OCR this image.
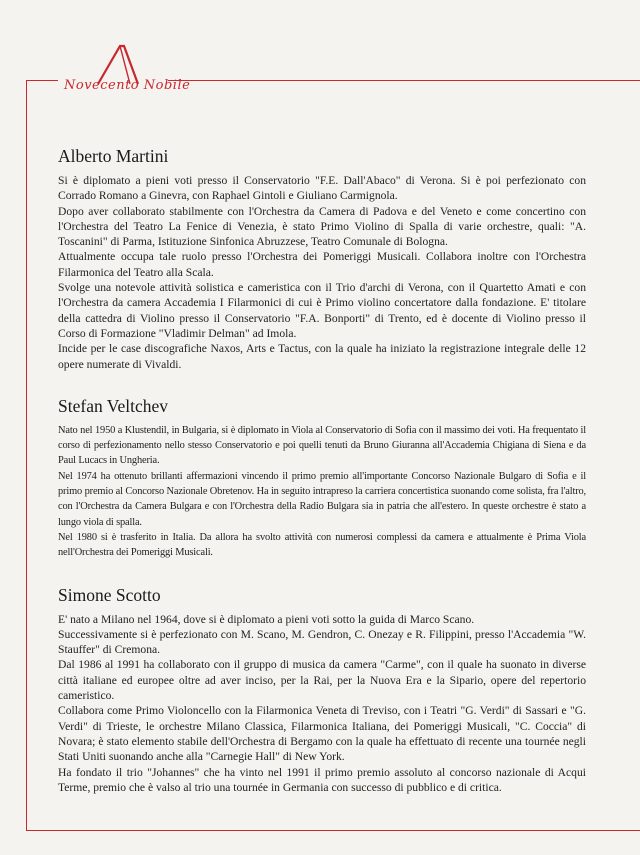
Novecento Nobile
Alberto Martini

Si è diplomato a pieni voti presso il Conservatorio "F.E. Dall'Abaco" di Verona. Si è poi perfezionato con Corrado Romano a Ginevra, con Raphael Gintoli e Giuliano Carmignola.

Dopo aver collaborato stabilmente con l'Orchestra da Camera di Padova e del Veneto e come concertino con l'Orchestra del Teatro La Fenice di Venezia, è stato Primo Violino di Spalla di varie orchestre, quali: "A. Toscanini" di Parma, Istituzione Sinfonica Abruzzese, Teatro Comunale di Bologna.

Attualmente occupa tale ruolo presso l'Orchestra dei Pomeriggi Musicali. Collabora inoltre con l'Orchestra Filarmonica del Teatro alla Scala.

Svolge una notevole attività solistica e cameristica con il Trio d'archi di Verona, con il Quartetto Amati e con l'Orchestra da camera Accademia I Filarmonici di cui è Primo violino concertatore dalla fondazione. E' titolare della cattedra di Violino presso il Conservatorio "F.A. Bonporti" di Trento, ed è docente di Violino presso il Corso di Formazione "Vladimir Delman" ad Imola.

Incide per le case discografiche Naxos, Arts e Tactus, con la quale ha iniziato la registrazione integrale delle 12 opere numerate di Vivaldi.

Stefan Veltchev

Nato nel 1950 a Klustendil, in Bulgaria, si è diplomato in Viola al Conservatorio di Sofia con il massimo dei voti. Ha frequentato il corso di perfezionamento nello stesso Conservatorio e poi quelli tenuti da Bruno Giuranna all'Accademia Chigiana di Siena e da Paul Lucacs in Ungheria.

Nel 1974 ha ottenuto brillanti affermazioni vincendo il primo premio all'importante Concorso Nazionale Bulgaro di Sofia e il primo premio al Concorso Nazionale Obretenov. Ha in seguito intrapreso la carriera concertistica suonando come solista, fra l'altro, con l'Orchestra da Camera Bulgara e con l'Orchestra della Radio Bulgara sia in patria che all'estero. In queste orchestre è stato a lungo viola di spalla.

Nel 1980 si è trasferito in Italia. Da allora ha svolto attività con numerosi complessi da camera e attualmente è Prima Viola nell'Orchestra dei Pomeriggi Musicali.

Simone Scotto

E' nato a Milano nel 1964, dove si è diplomato a pieni voti sotto la guida di Marco Scano.

Successivamente si è perfezionato con M. Scano, M. Gendron, C. Onezay e R. Filippini, presso l'Accademia "W. Stauffer" di Cremona.

Dal 1986 al 1991 ha collaborato con il gruppo di musica da camera "Carme", con il quale ha suonato in diverse città italiane ed europee oltre ad aver inciso, per la Rai, per la Nuova Era e la Sipario, opere del repertorio cameristico.

Collabora come Primo Violoncello con la Filarmonica Veneta di Treviso, con i Teatri "G. Verdi" di Sassari e "G. Verdi" di Trieste, le orchestre Milano Classica, Filarmonica Italiana, dei Pomeriggi Musicali, "C. Coccia" di Novara; è stato elemento stabile dell'Orchestra di Bergamo con la quale ha effettuato di recente una tournée negli Stati Uniti suonando anche alla "Carnegie Hall" di New York.

Ha fondato il trio "Johannes" che ha vinto nel 1991 il primo premio assoluto al concorso nazionale di Acqui Terme, premio che è valso al trio una tournée in Germania con successo di pubblico e di critica.
